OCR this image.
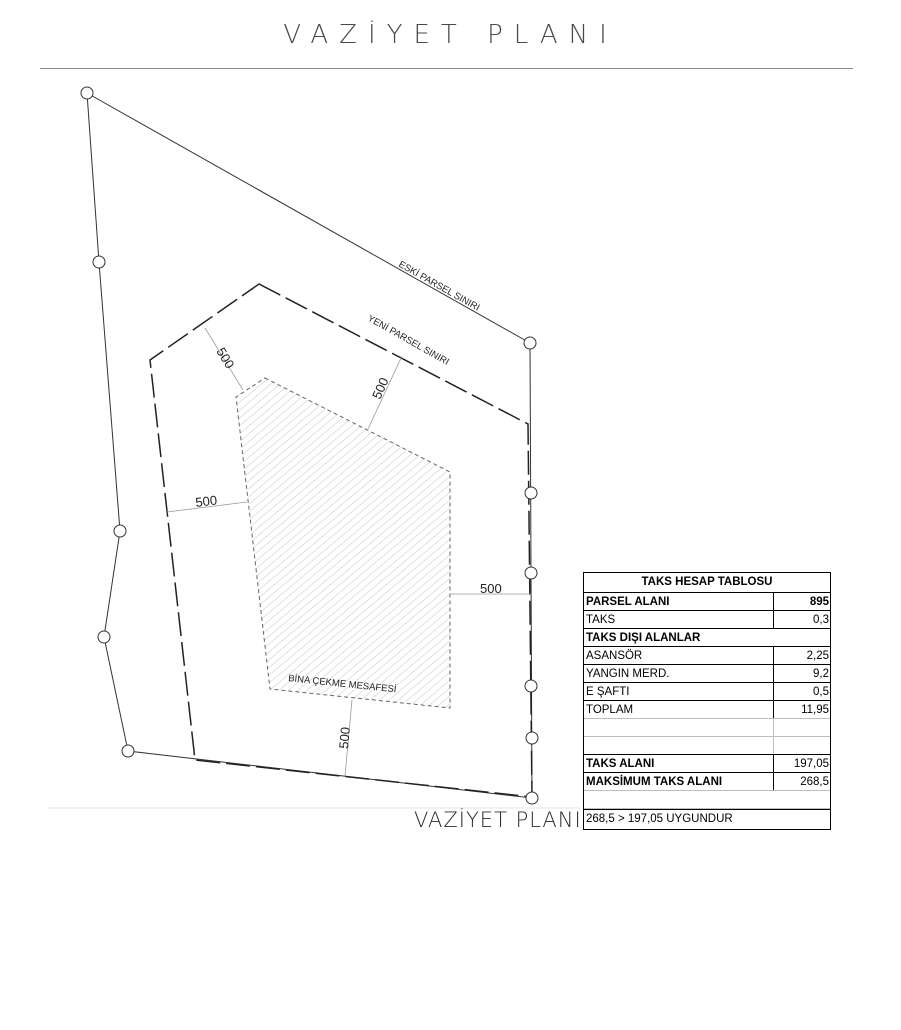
VAZİYET PLANI
ESKİ PARSEL SINIRI
YENİ PARSEL SINIRI
BİNA ÇEKME MESAFESİ
500
500
500
500
500
VAZİYET PLANI
TAKS HESAP TABLOSU
PARSEL ALANI	895
TAKS	0,3
TAKS DIŞI ALANLAR
ASANSÖR	2,25
YANGIN MERD.	9,2
E ŞAFTI	0,5
TOPLAM	11,95
TAKS ALANI	197,05
MAKSİMUM TAKS ALANI	268,5
268,5 > 197,05 UYGUNDUR
